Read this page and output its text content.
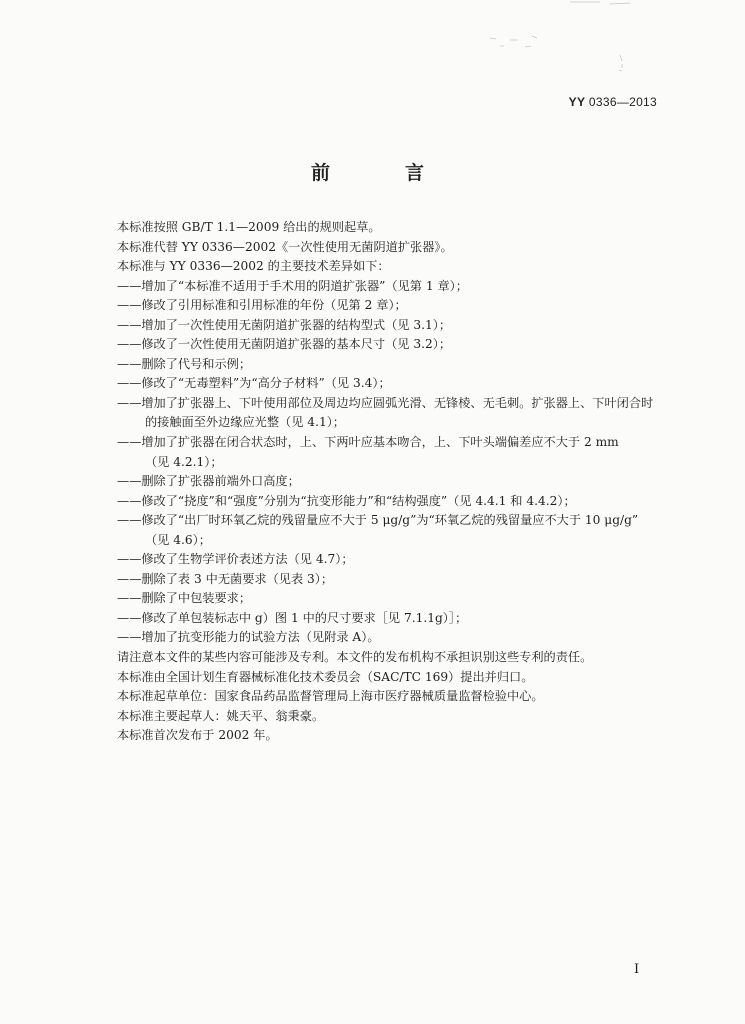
YY 0336—2013
前　言
本标准按照 GB/T 1.1—2009 给出的规则起草。
本标准代替 YY 0336—2002《一次性使用无菌阴道扩张器》。
本标准与 YY 0336—2002 的主要技术差异如下：
——增加了“本标准不适用于手术用的阴道扩张器”（见第 1 章）；
——修改了引用标准和引用标准的年份（见第 2 章）；
——增加了一次性使用无菌阴道扩张器的结构型式（见 3.1）；
——修改了一次性使用无菌阴道扩张器的基本尺寸（见 3.2）；
——删除了代号和示例；
——修改了“无毒塑料”为“高分子材料”（见 3.4）；
——增加了扩张器上、下叶使用部位及周边均应圆弧光滑、无锋棱、无毛刺。扩张器上、下叶闭合时
的接触面至外边缘应光整（见 4.1）；
——增加了扩张器在闭合状态时，上、下两叶应基本吻合，上、下叶头端偏差应不大于 2 mm
（见 4.2.1）；
——删除了扩张器前端外口高度；
——修改了“挠度”和“强度”分别为“抗变形能力”和“结构强度”（见 4.4.1 和 4.4.2）；
——修改了“出厂时环氧乙烷的残留量应不大于 5 μg/g”为“环氧乙烷的残留量应不大于 10 μg/g”
（见 4.6）；
——修改了生物学评价表述方法（见 4.7）；
——删除了表 3 中无菌要求（见表 3）；
——删除了中包装要求；
——修改了单包装标志中 g）图 1 中的尺寸要求［见 7.1.1g）］；
——增加了抗变形能力的试验方法（见附录 A）。
请注意本文件的某些内容可能涉及专利。本文件的发布机构不承担识别这些专利的责任。
本标准由全国计划生育器械标准化技术委员会（SAC/TC 169）提出并归口。
本标准起草单位：国家食品药品监督管理局上海市医疗器械质量监督检验中心。
本标准主要起草人：姚天平、翁秉豪。
本标准首次发布于 2002 年。
I
